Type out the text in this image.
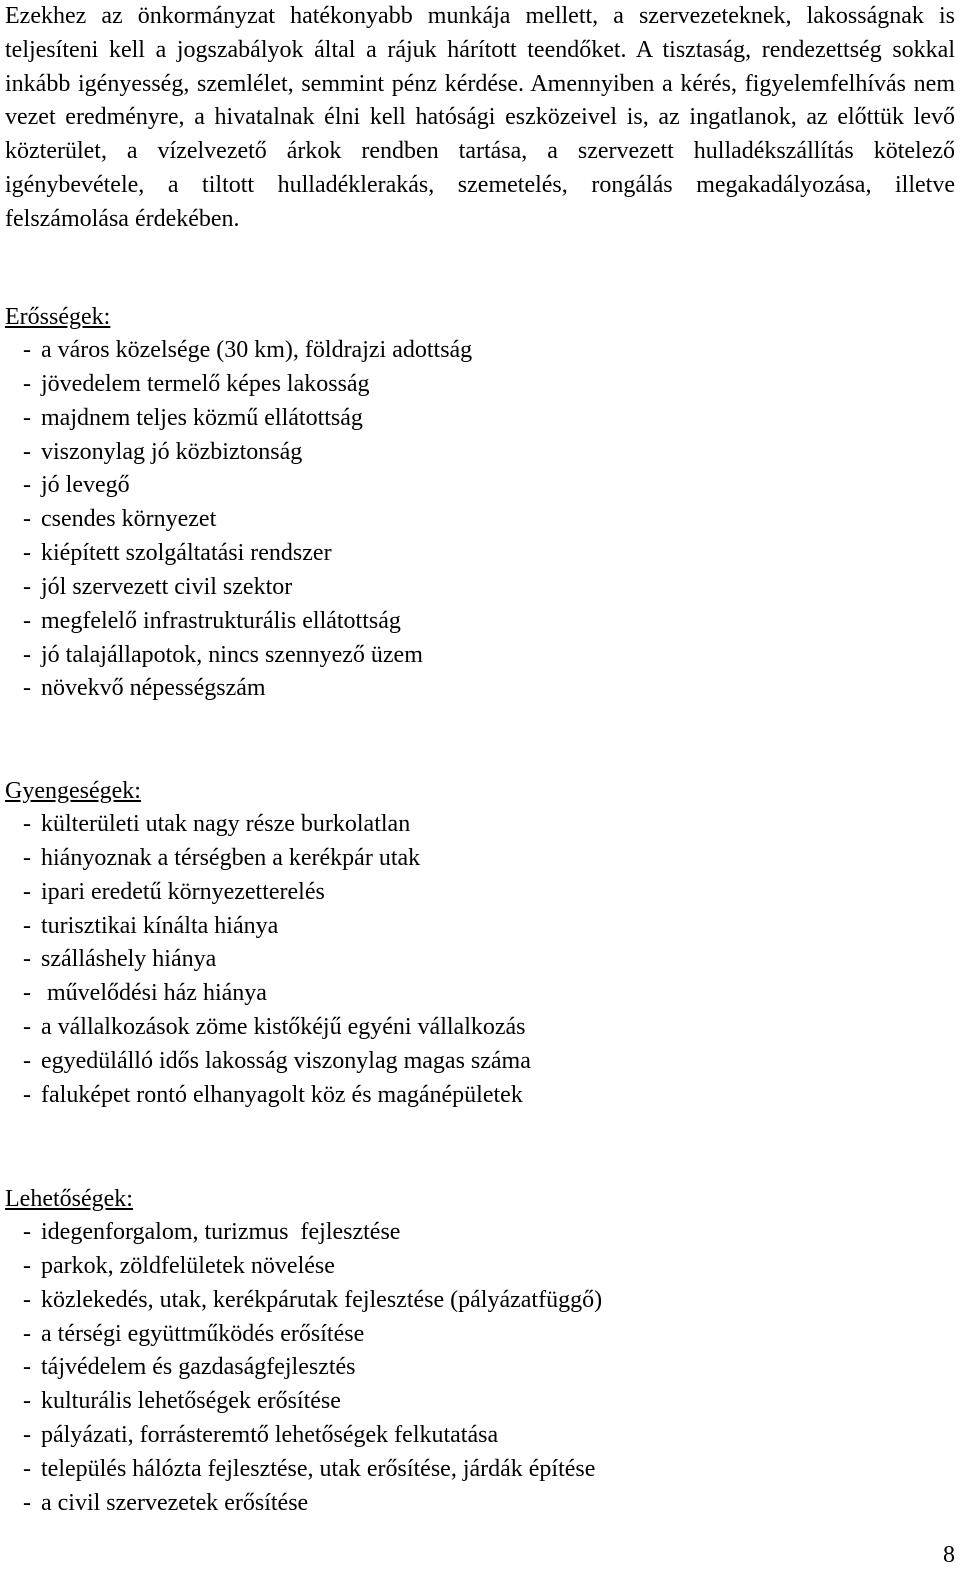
Ezekhez az önkormányzat hatékonyabb munkája mellett, a szervezeteknek, lakosságnak is teljesíteni kell a jogszabályok által a rájuk hárított teendőket. A tisztaság, rendezettség sokkal inkább igényesség, szemlélet, semmint pénz kérdése. Amennyiben a kérés, figyelemfelhívás nem vezet eredményre, a hivatalnak élni kell hatósági eszközeivel is, az ingatlanok, az előttük levő közterület, a vízelvezető árkok rendben tartása, a szervezett hulladékszállítás kötelező igénybevétele, a tiltott hulladéklerakás, szemetelés, rongálás megakadályozása, illetve felszámolása érdekében.

Erősségek:
- a város közelsége (30 km), földrajzi adottság
- jövedelem termelő képes lakosság
- majdnem teljes közmű ellátottság
- viszonylag jó közbiztonság
- jó levegő
- csendes környezet
- kiépített szolgáltatási rendszer
- jól szervezett civil szektor
- megfelelő infrastrukturális ellátottság
- jó talajállapotok, nincs szennyező üzem
- növekvő népességszám
Gyengeségek:
- külterületi utak nagy része burkolatlan
- hiányoznak a térségben a kerékpár utak
- ipari eredetű környezetterelés
- turisztikai kínálta hiánya
- szálláshely hiánya
- művelődési ház hiánya
- a vállalkozások zöme kistőkéjű egyéni vállalkozás
- egyedülálló idős lakosság viszonylag magas száma
- faluképet rontó elhanyagolt köz és magánépületek
Lehetőségek:
- idegenforgalom, turizmus  fejlesztése
- parkok, zöldfelületek növelése
- közlekedés, utak, kerékpárutak fejlesztése (pályázatfüggő)
- a térségi együttműködés erősítése
- tájvédelem és gazdaságfejlesztés
- kulturális lehetőségek erősítése
- pályázati, forrásteremtő lehetőségek felkutatása
- település hálózta fejlesztése, utak erősítése, járdák építése
- a civil szervezetek erősítése
8
